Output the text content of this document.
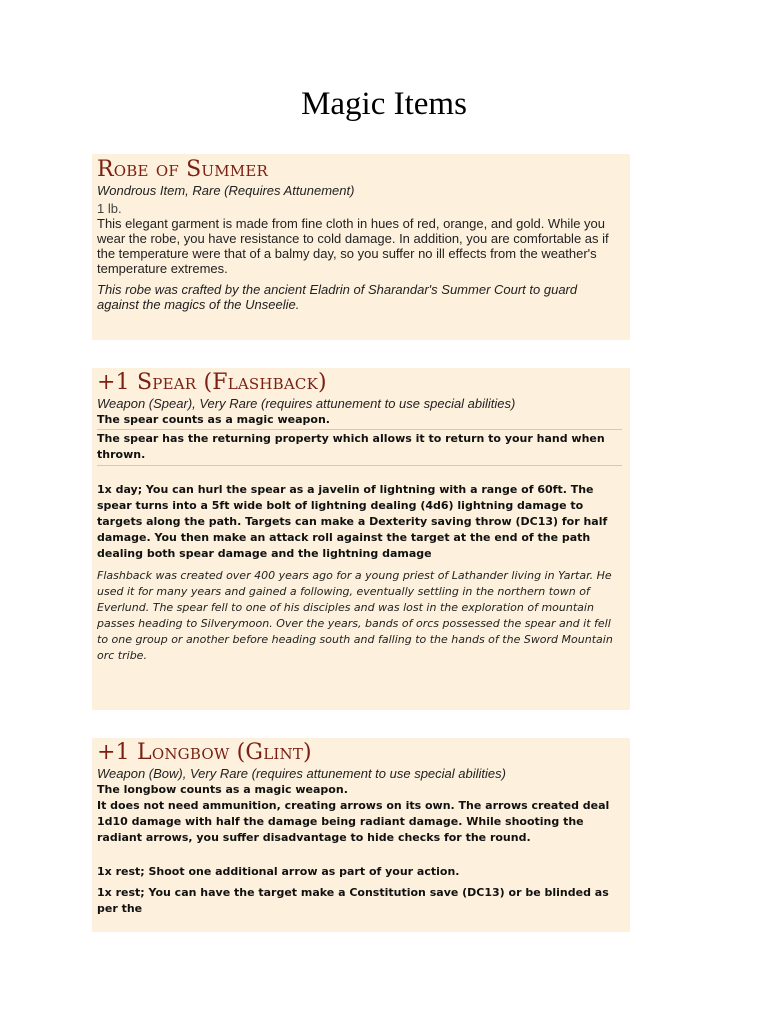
Magic Items
Robe of Summer
Wondrous Item, Rare (Requires Attunement)
1 lb.
This elegant garment is made from fine cloth in hues of red, orange, and gold. While you wear the robe, you have resistance to cold damage. In addition, you are comfortable as if the temperature were that of a balmy day, so you suffer no ill effects from the weather's temperature extremes.
This robe was crafted by the ancient Eladrin of Sharandar's Summer Court to guard against the magics of the Unseelie.
+1 Spear (Flashback)
Weapon (Spear), Very Rare (requires attunement to use special abilities)
The spear counts as a magic weapon.
The spear has the returning property which allows it to return to your hand when thrown.
1x day; You can hurl the spear as a javelin of lightning with a range of 60ft. The spear turns into a 5ft wide bolt of lightning dealing (4d6) lightning damage to targets along the path. Targets can make a Dexterity saving throw (DC13) for half damage. You then make an attack roll against the target at the end of the path dealing both spear damage and the lightning damage
Flashback was created over 400 years ago for a young priest of Lathander living in Yartar. He used it for many years and gained a following, eventually settling in the northern town of Everlund. The spear fell to one of his disciples and was lost in the exploration of mountain passes heading to Silverymoon. Over the years, bands of orcs possessed the spear and it fell to one group or another before heading south and falling to the hands of the Sword Mountain orc tribe.
+1 Longbow (Glint)
Weapon (Bow), Very Rare (requires attunement to use special abilities)
The longbow counts as a magic weapon.
It does not need ammunition, creating arrows on its own. The arrows created deal 1d10 damage with half the damage being radiant damage. While shooting the radiant arrows, you suffer disadvantage to hide checks for the round.
1x rest; Shoot one additional arrow as part of your action.
1x rest; You can have the target make a Constitution save (DC13) or be blinded as per the
